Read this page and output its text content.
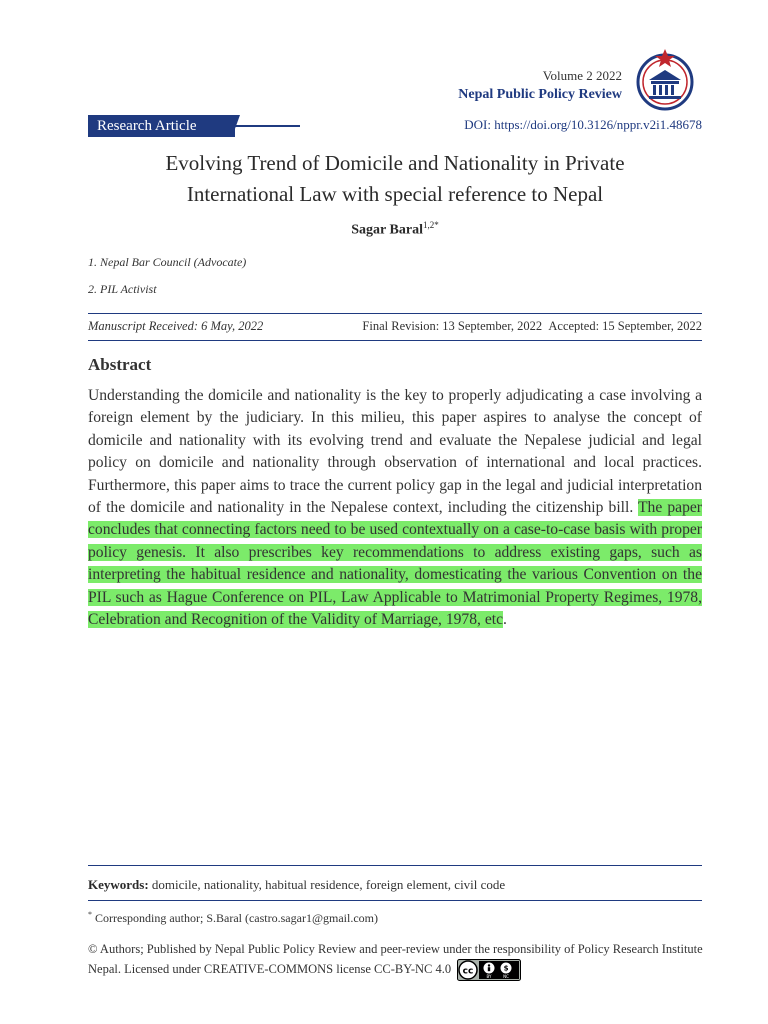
Volume 2 2022
Nepal Public Policy Review
Research Article	DOI: https://doi.org/10.3126/nppr.v2i1.48678
Evolving Trend of Domicile and Nationality in Private
International Law with special reference to Nepal
Sagar Baral$^{1,2*}$
1. Nepal Bar Council (Advocate)
2. PIL Activist
Manuscript Received: 6 May, 2022	Final Revision: 13 September, 2022 Accepted: 15 September, 2022
Abstract
Understanding the domicile and nationality is the key to properly adjudicating a case involving a foreign element by the judiciary. In this milieu, this paper aspires to analyse the concept of domicile and nationality with its evolving trend and evaluate the Nepalese judicial and legal policy on domicile and nationality through observation of international and local practices. Furthermore, this paper aims to trace the current policy gap in the legal and judicial interpretation of the domicile and nationality in the Nepalese context, including the citizenship bill. The paper concludes that connecting factors need to be used contextually on a case-to-case basis with proper policy genesis. It also prescribes key recommendations to address existing gaps, such as interpreting the habitual residence and nationality, domesticating the various Convention on the PIL such as Hague Conference on PIL, Law Applicable to Matrimonial Property Regimes, 1978, Celebration and Recognition of the Validity of Marriage, 1978, etc.
Keywords: domicile, nationality, habitual residence, foreign element, civil code
* Corresponding author; S.Baral (castro.sagar1@gmail.com)
© Authors; Published by Nepal Public Policy Review and peer-review under the responsibility of Policy Research Institute Nepal. Licensed under CREATIVE-COMMONS license CC-BY-NC 4.0 cc	$
BY	NC
